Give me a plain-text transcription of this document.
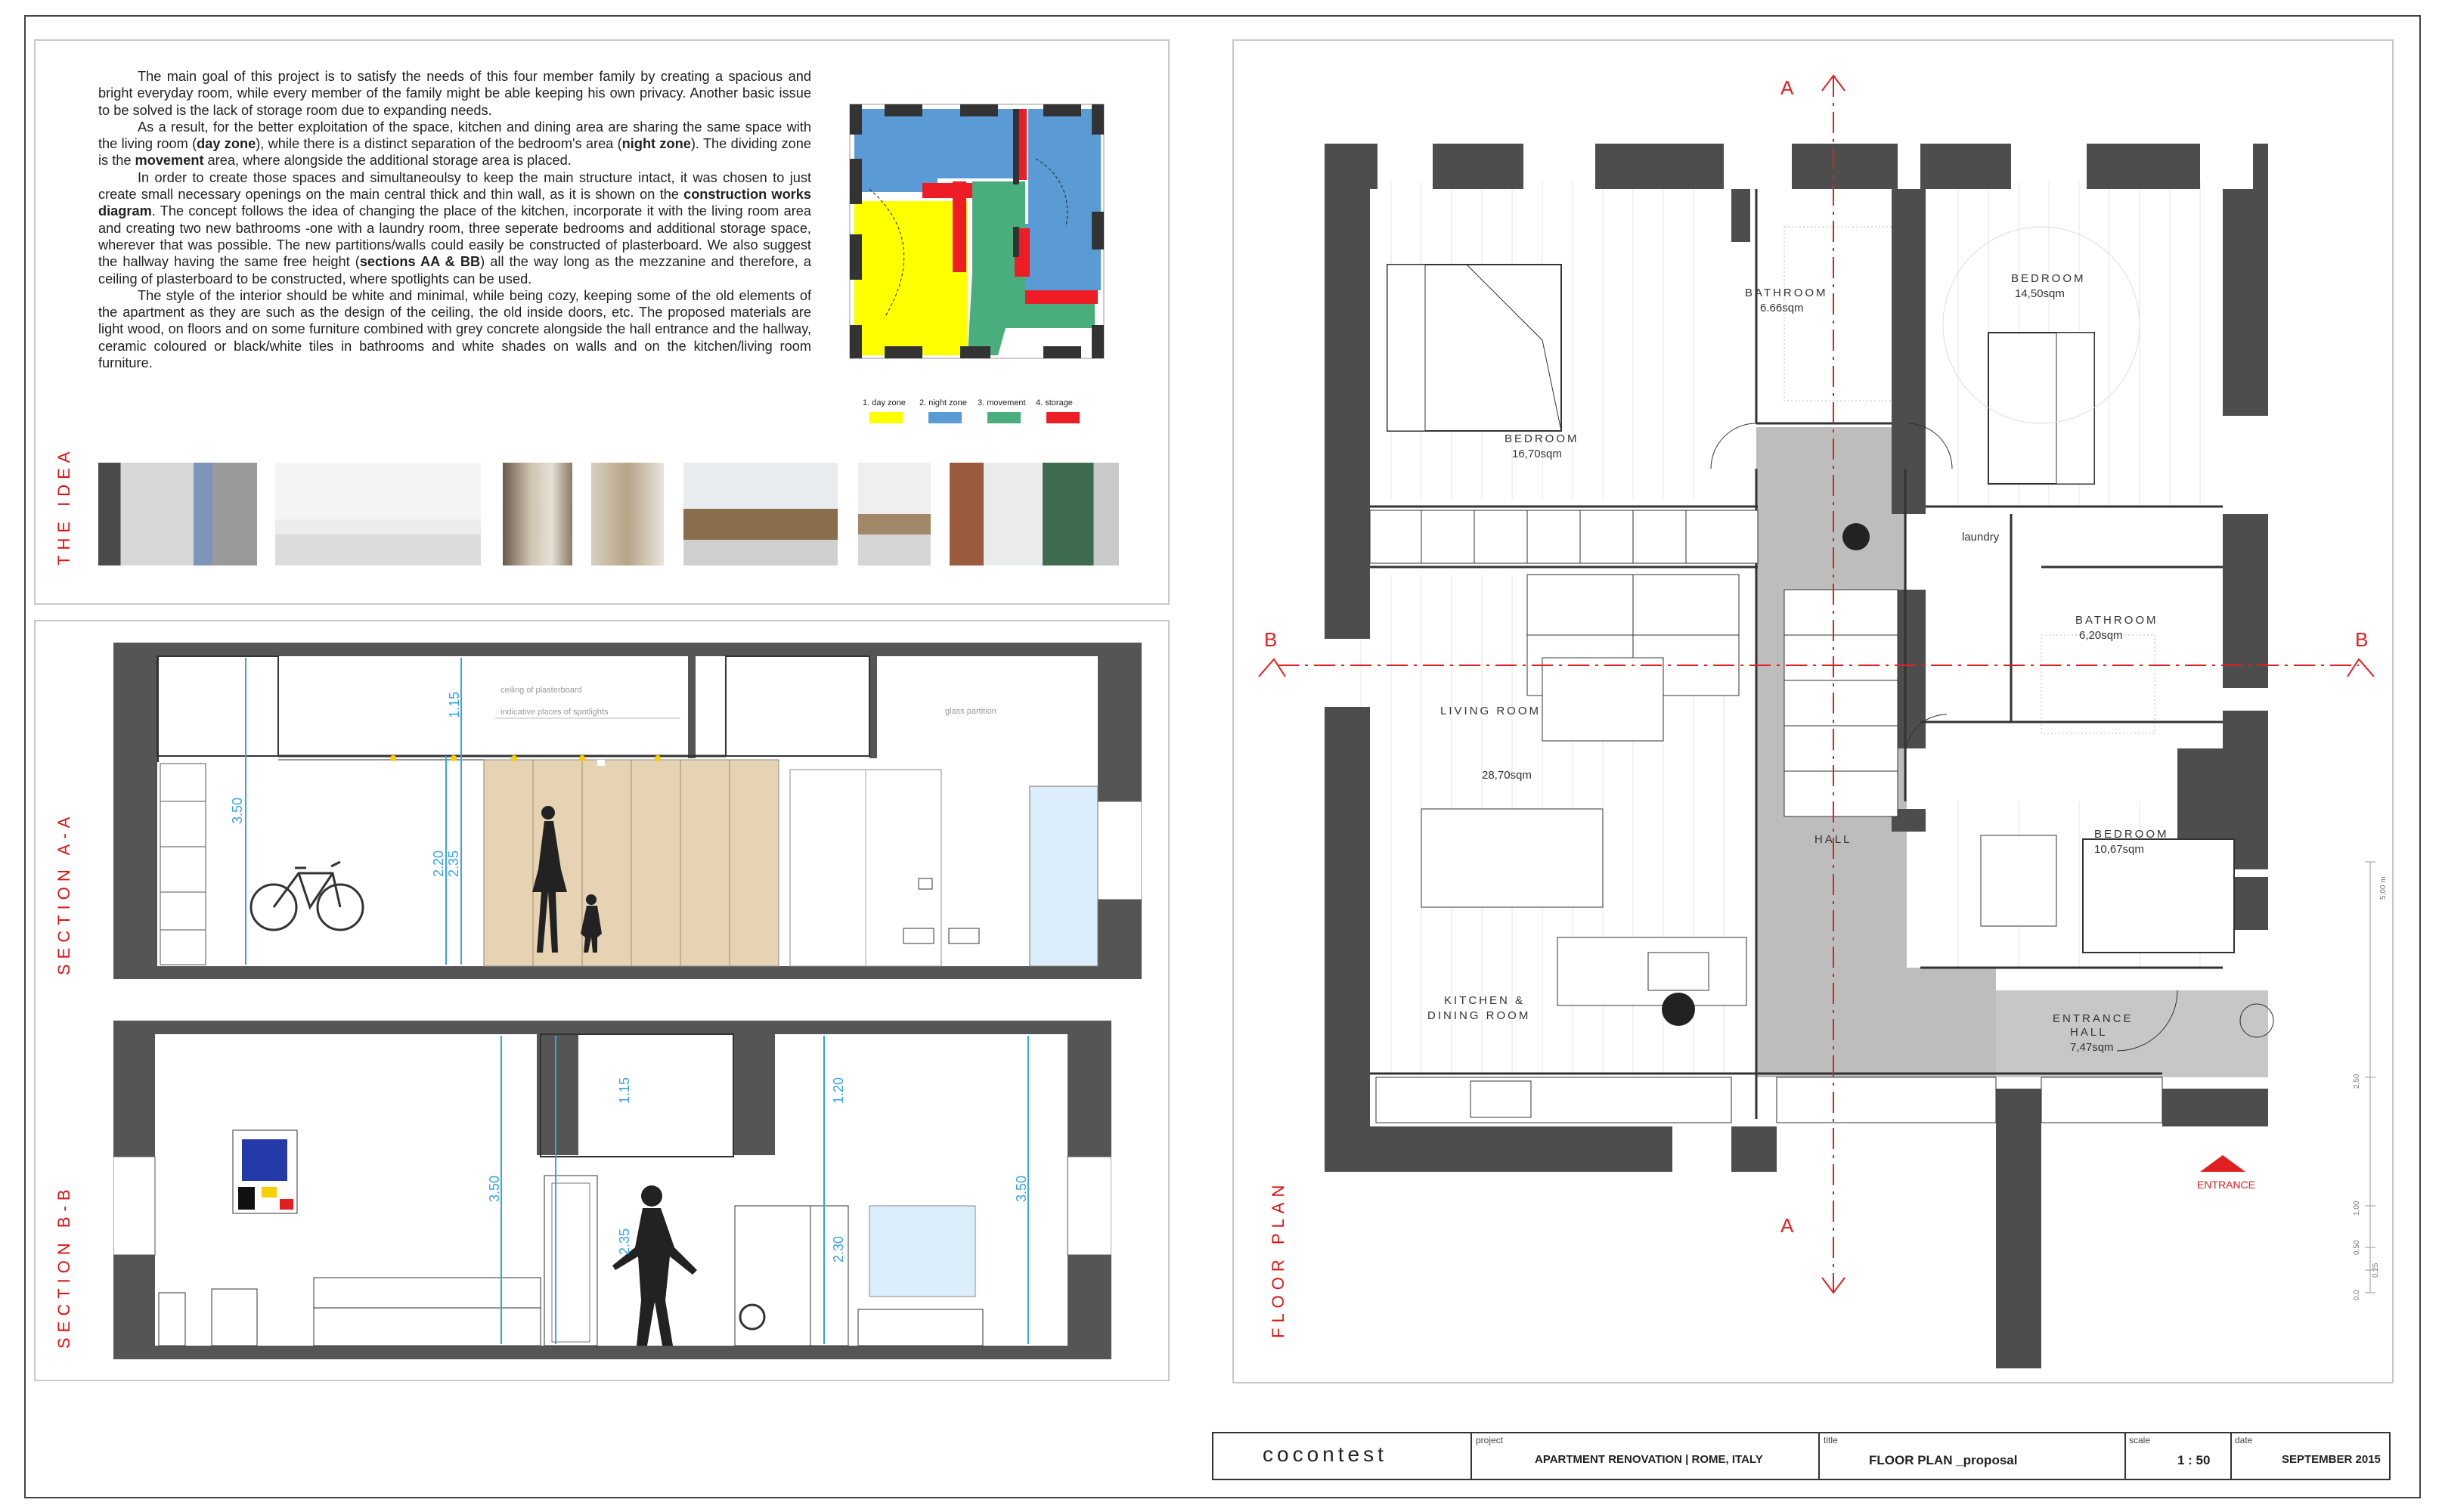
THE IDEA

The main goal of this project is to satisfy the needs of this four member family by creating a spacious and bright everyday room, while every member of the family might be able keeping his own privacy. Another basic issue to be solved is the lack of storage room due to expanding needs.

As a result, for the better exploitation of the space, kitchen and dining area are sharing the same space with the living room (day zone), while there is a distinct separation of the bedroom's area (night zone). The dividing zone is the movement area, where alongside the additional storage area is placed.

In order to create those spaces and simultaneoulsy to keep the main structure intact, it was chosen to just create small necessary openings on the main central thick and thin wall, as it is shown on the construction works diagram. The concept follows the idea of changing the place of the kitchen, incorporate it with the living room area and creating two new bathrooms -one with a laundry room, three seperate bedrooms and additional storage space, wherever that was possible. The new partitions/walls could easily be constructed of plasterboard. We also suggest the hallway having the same free height (sections AA & BB) all the way long as the mezzanine and therefore, a ceiling of plasterboard to be constructed, where spotlights can be used.

The style of the interior should be white and minimal, while being cozy, keeping some of the old elements of the apartment as they are such as the design of the ceiling, the old inside doors, etc. The proposed materials are light wood, on floors and on some furniture combined with grey concrete alongside the hall entrance and the hallway, ceramic coloured or black/white tiles in bathrooms and white shades on walls and on the kitchen/living room furniture.

1. day zone 2. night zone 3. movement 4. storage
SECTION A-A
SECTION B-B
3.50
1.15
2.20 2.35
ceiling of plasterboard
indicative places of spotlights	glass partition
3.50
1.15
2.35
1.20
2.30
3.50	FLOOR PLAN
A
A
B	B
BEDROOM
16,70sqm
BATHROOM
6.66sqm
BEDROOM
14,50sqm
LIVING ROOM
28,70sqm
HALL
laundry
BATHROOM
6,20sqm
BEDROOM
10,67sqm
KITCHEN &
DINING ROOM	ENTRANCE
HALL
7,47sqm
ENTRANCE
5,00 m
2,50
1,00
0,50
0,25
0.0
cocontest
project
APARTMENT RENOVATION | ROME, ITALY
title
FLOOR PLAN _proposal
scale
1 : 50
date
SEPTEMBER 2015
